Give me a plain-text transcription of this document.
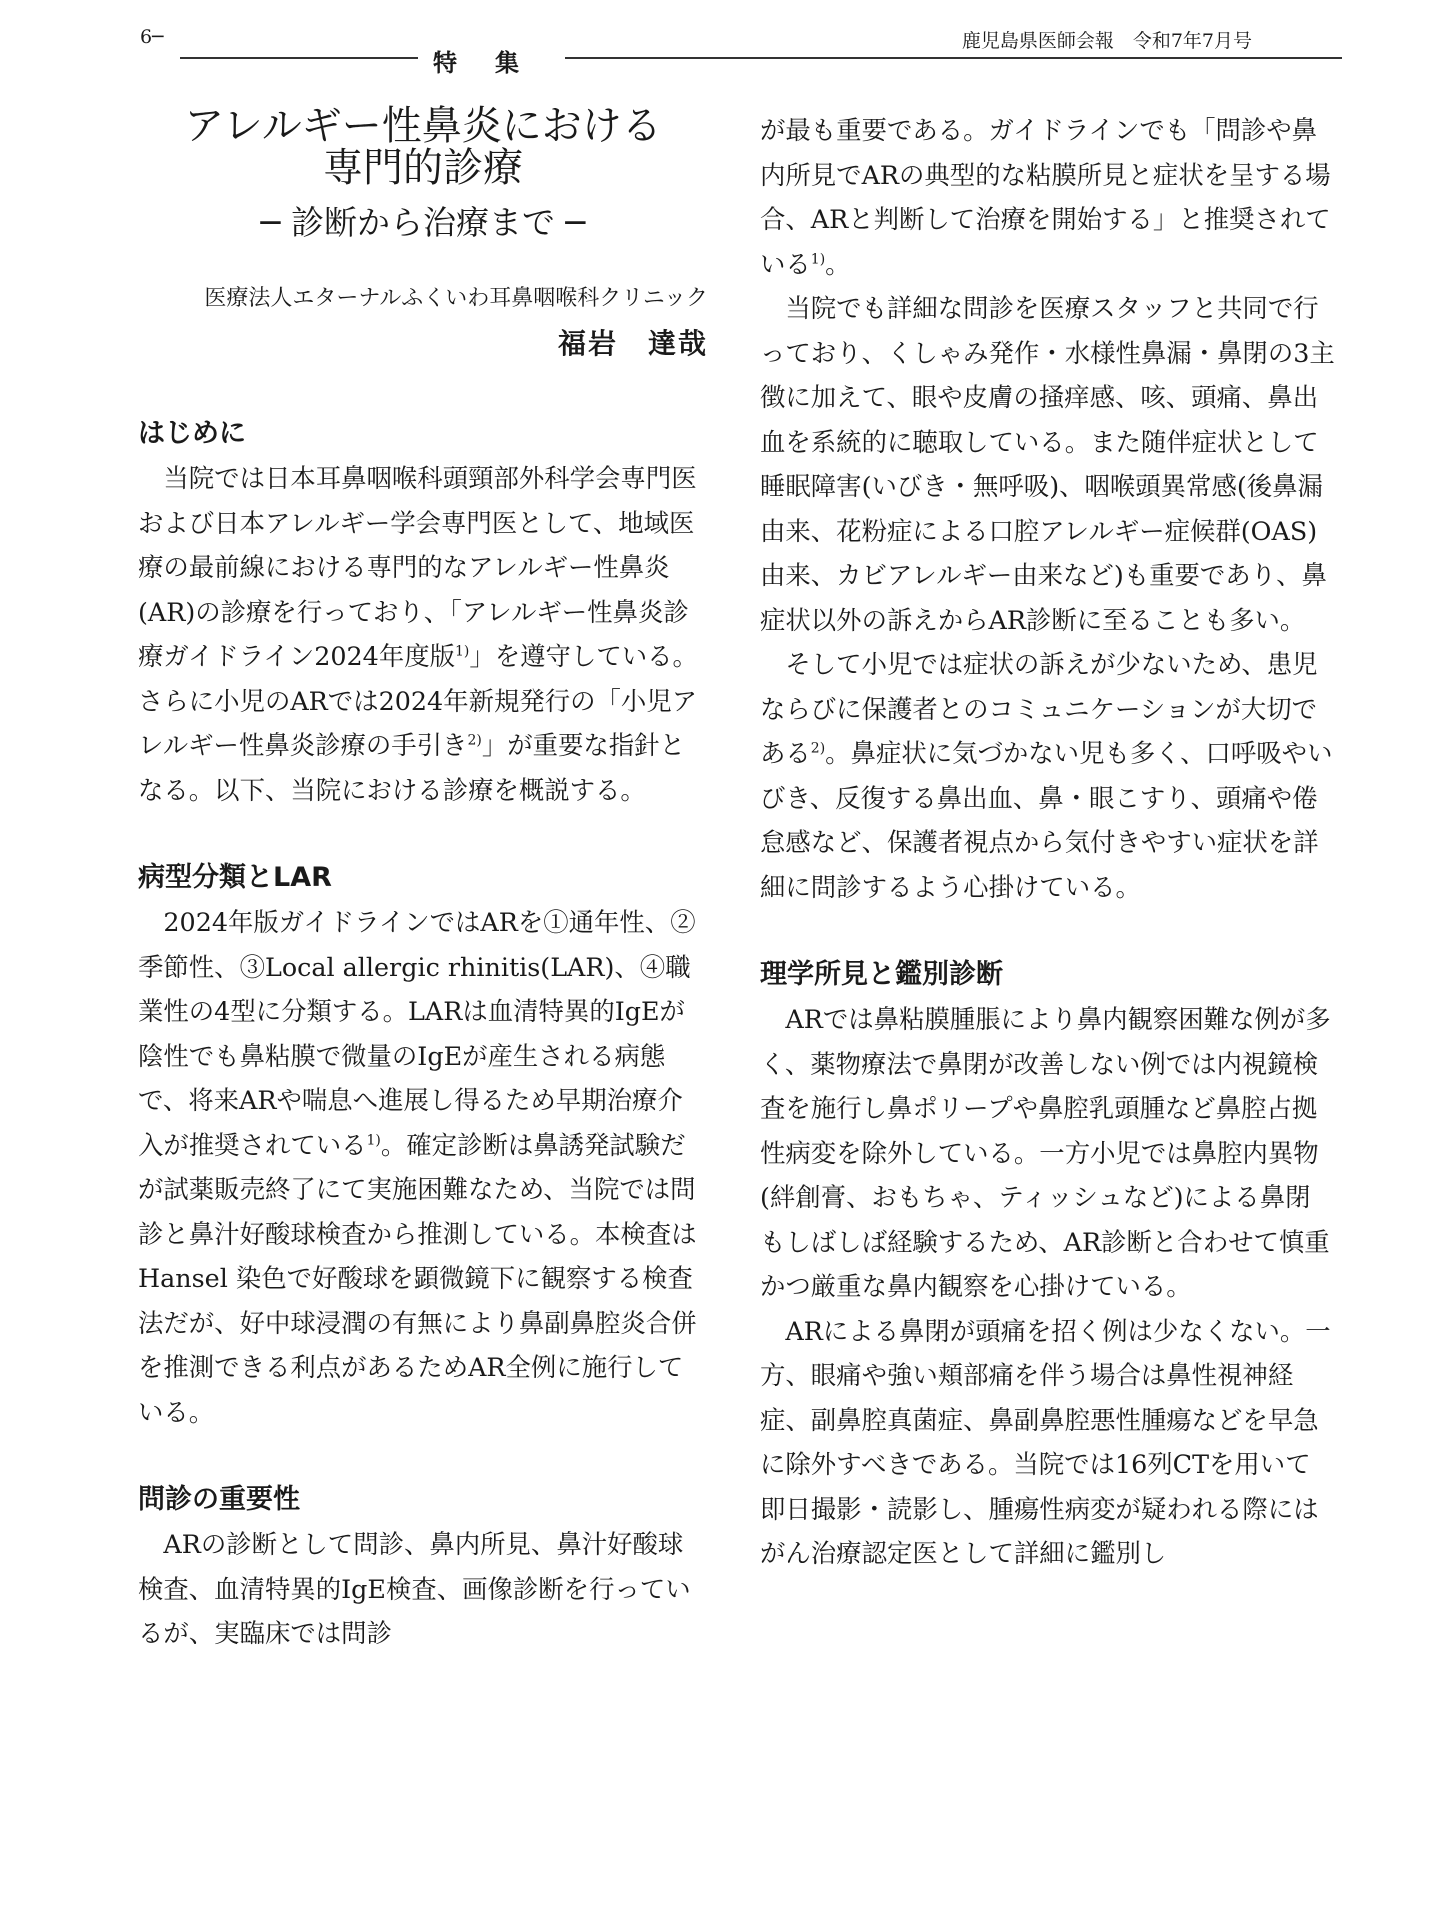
6─
特集
鹿児島県医師会報　令和7年7月号
アレルギー性鼻炎における
専門的診療
─ 診断から治療まで ─
医療法人エターナルふくいわ耳鼻咽喉科クリニック
福岩　達哉
はじめに

当院では日本耳鼻咽喉科頭頸部外科学会専門医および日本アレルギー学会専門医として、地域医療の最前線における専門的なアレルギー性鼻炎(AR)の診療を行っており、「アレルギー性鼻炎診療ガイドライン2024年度版$^{1)}$」を遵守している。さらに小児のARでは2024年新規発行の「小児アレルギー性鼻炎診療の手引き$^{2)}$」が重要な指針となる。以下、当院における診療を概説する。

病型分類とLAR

2024年版ガイドラインではARを①通年性、②季節性、③Local allergic rhinitis(LAR)、④職業性の4型に分類する。LARは血清特異的IgEが陰性でも鼻粘膜で微量のIgEが産生される病態で、将来ARや喘息へ進展し得るため早期治療介入が推奨されている$^{1)}$。確定診断は鼻誘発試験だが試薬販売終了にて実施困難なため、当院では問診と鼻汁好酸球検査から推測している。本検査はHansel 染色で好酸球を顕微鏡下に観察する検査法だが、好中球浸潤の有無により鼻副鼻腔炎合併を推測できる利点があるためAR全例に施行している。

問診の重要性

ARの診断として問診、鼻内所見、鼻汁好酸球検査、血清特異的IgE検査、画像診断を行っているが、実臨床では問診

が最も重要である。ガイドラインでも「問診や鼻内所見でARの典型的な粘膜所見と症状を呈する場合、ARと判断して治療を開始する」と推奨されている$^{1)}$。

当院でも詳細な問診を医療スタッフと共同で行っており、くしゃみ発作・水様性鼻漏・鼻閉の3主徴に加えて、眼や皮膚の掻痒感、咳、頭痛、鼻出血を系統的に聴取している。また随伴症状として睡眠障害(いびき・無呼吸)、咽喉頭異常感(後鼻漏由来、花粉症による口腔アレルギー症候群(OAS)由来、カビアレルギー由来など)も重要であり、鼻症状以外の訴えからAR診断に至ることも多い。

そして小児では症状の訴えが少ないため、患児ならびに保護者とのコミュニケーションが大切である$^{2)}$。鼻症状に気づかない児も多く、口呼吸やいびき、反復する鼻出血、鼻・眼こすり、頭痛や倦怠感など、保護者視点から気付きやすい症状を詳細に問診するよう心掛けている。

理学所見と鑑別診断

ARでは鼻粘膜腫脹により鼻内観察困難な例が多く、薬物療法で鼻閉が改善しない例では内視鏡検査を施行し鼻ポリープや鼻腔乳頭腫など鼻腔占拠性病変を除外している。一方小児では鼻腔内異物(絆創膏、おもちゃ、ティッシュなど)による鼻閉もしばしば経験するため、AR診断と合わせて慎重かつ厳重な鼻内観察を心掛けている。

ARによる鼻閉が頭痛を招く例は少なくない。一方、眼痛や強い頬部痛を伴う場合は鼻性視神経症、副鼻腔真菌症、鼻副鼻腔悪性腫瘍などを早急に除外すべきである。当院では16列CTを用いて即日撮影・読影し、腫瘍性病変が疑われる際にはがん治療認定医として詳細に鑑別し
